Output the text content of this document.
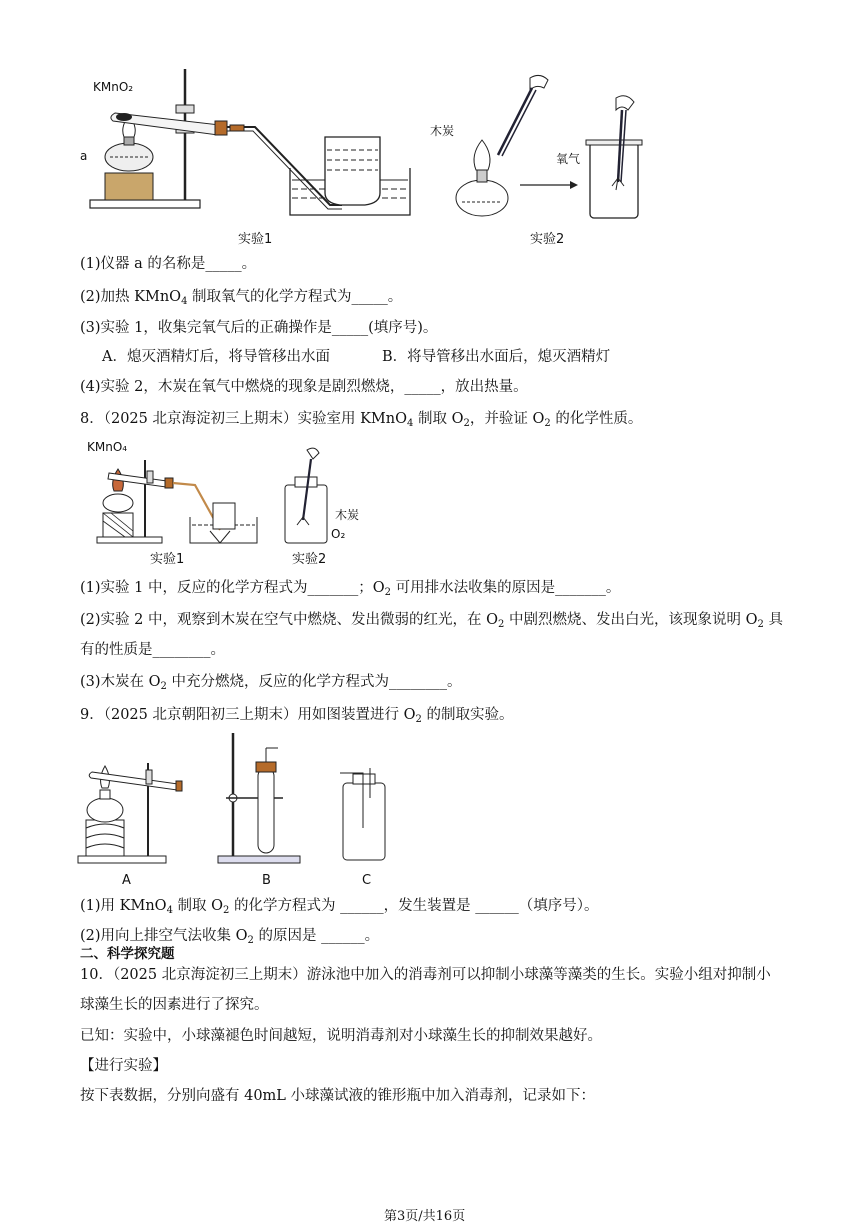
KMnO₂
a
实验1
木炭
氧气
实验2
(1)仪器 a 的名称是_____。
(2)加热 KMnO$_4$ 制取氧气的化学方程式为_____。
(3)实验 1，收集完氧气后的正确操作是_____(填序号)。
A．熄灭酒精灯后，将导管移出水面	B．将导管移出水面后，熄灭酒精灯
(4)实验 2，木炭在氧气中燃烧的现象是剧烈燃烧，_____，放出热量。
8．（2025 北京海淀初三上期末）实验室用 KMnO$_4$ 制取 $O_2$，并验证 $O_2$ 的化学性质。
KMnO₄
木炭
O₂
实验1	实验2
(1)实验 1 中，反应的化学方程式为_______；$O_2$ 可用排水法收集的原因是_______。
(2)实验 2 中，观察到木炭在空气中燃烧、发出微弱的红光，在 $O_2$ 中剧烈燃烧、发出白光，该现象说明 $O_2$ 具
有的性质是________。
(3)木炭在 $O_2$ 中充分燃烧，反应的化学方程式为________。
9．（2025 北京朝阳初三上期末）用如图装置进行 $O_2$ 的制取实验。
A	B	C
(1)用 KMnO$_4$ 制取 $O_2$ 的化学方程式为 ______，发生装置是 ______（填序号）。
(2)用向上排空气法收集 $O_2$ 的原因是 ______。
二、科学探究题
10．（2025 北京海淀初三上期末）游泳池中加入的消毒剂可以抑制小球藻等藻类的生长。实验小组对抑制小
球藻生长的因素进行了探究。
已知：实验中，小球藻褪色时间越短，说明消毒剂对小球藻生长的抑制效果越好。
【进行实验】
按下表数据，分别向盛有 40mL 小球藻试液的锥形瓶中加入消毒剂，记录如下：
第3页/共16页
